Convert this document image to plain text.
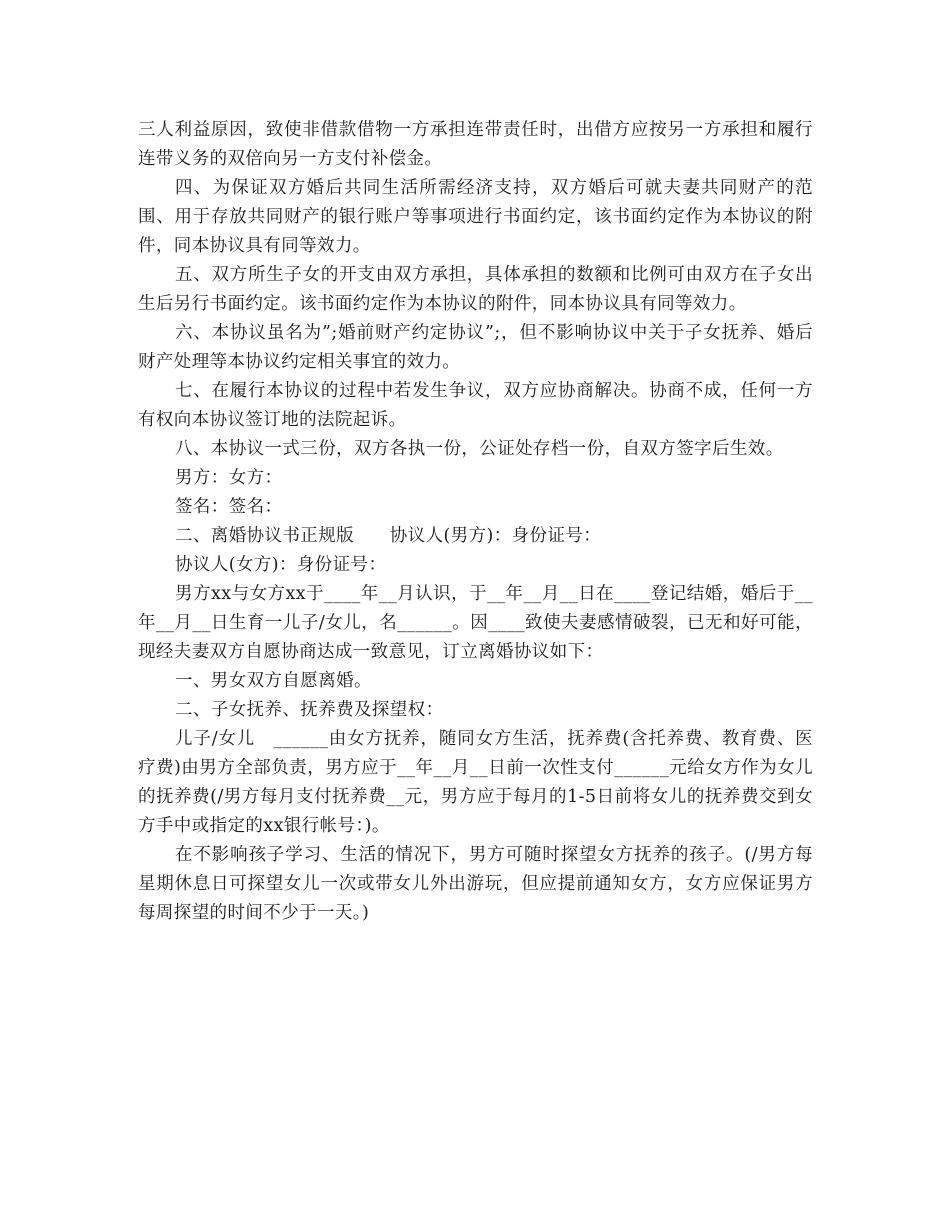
三人利益原因，致使非借款借物一方承担连带责任时，出借方应按另一方承担和履行连带义务的双倍向另一方支付补偿金。

四、为保证双方婚后共同生活所需经济支持，双方婚后可就夫妻共同财产的范围、用于存放共同财产的银行账户等事项进行书面约定，该书面约定作为本协议的附件，同本协议具有同等效力。

五、双方所生子女的开支由双方承担，具体承担的数额和比例可由双方在子女出生后另行书面约定。该书面约定作为本协议的附件，同本协议具有同等效力。

六、本协议虽名为”;婚前财产约定协议”;，但不影响协议中关于子女抚养、婚后财产处理等本协议约定相关事宜的效力。

七、在履行本协议的过程中若发生争议，双方应协商解决。协商不成，任何一方有权向本协议签订地的法院起诉。

八、本协议一式三份，双方各执一份，公证处存档一份，自双方签字后生效。

男方：女方：

签名：签名：

二、离婚协议书正规版　　协议人(男方)：身份证号：

协议人(女方)：身份证号：

男方xx与女方xx于____年__月认识，于__年__月__日在____登记结婚，婚后于__年__月__日生育一儿子/女儿，名______。因____致使夫妻感情破裂，已无和好可能，现经夫妻双方自愿协商达成一致意见，订立离婚协议如下：

一、男女双方自愿离婚。

二、子女抚养、抚养费及探望权：

儿子/女儿　______由女方抚养，随同女方生活，抚养费(含托养费、教育费、医疗费)由男方全部负责，男方应于__年__月__日前一次性支付______元给女方作为女儿的抚养费(/男方每月支付抚养费__元，男方应于每月的1-5日前将女儿的抚养费交到女方手中或指定的xx银行帐号：)。

在不影响孩子学习、生活的情况下，男方可随时探望女方抚养的孩子。(/男方每星期休息日可探望女儿一次或带女儿外出游玩，但应提前通知女方，女方应保证男方每周探望的时间不少于一天。)
